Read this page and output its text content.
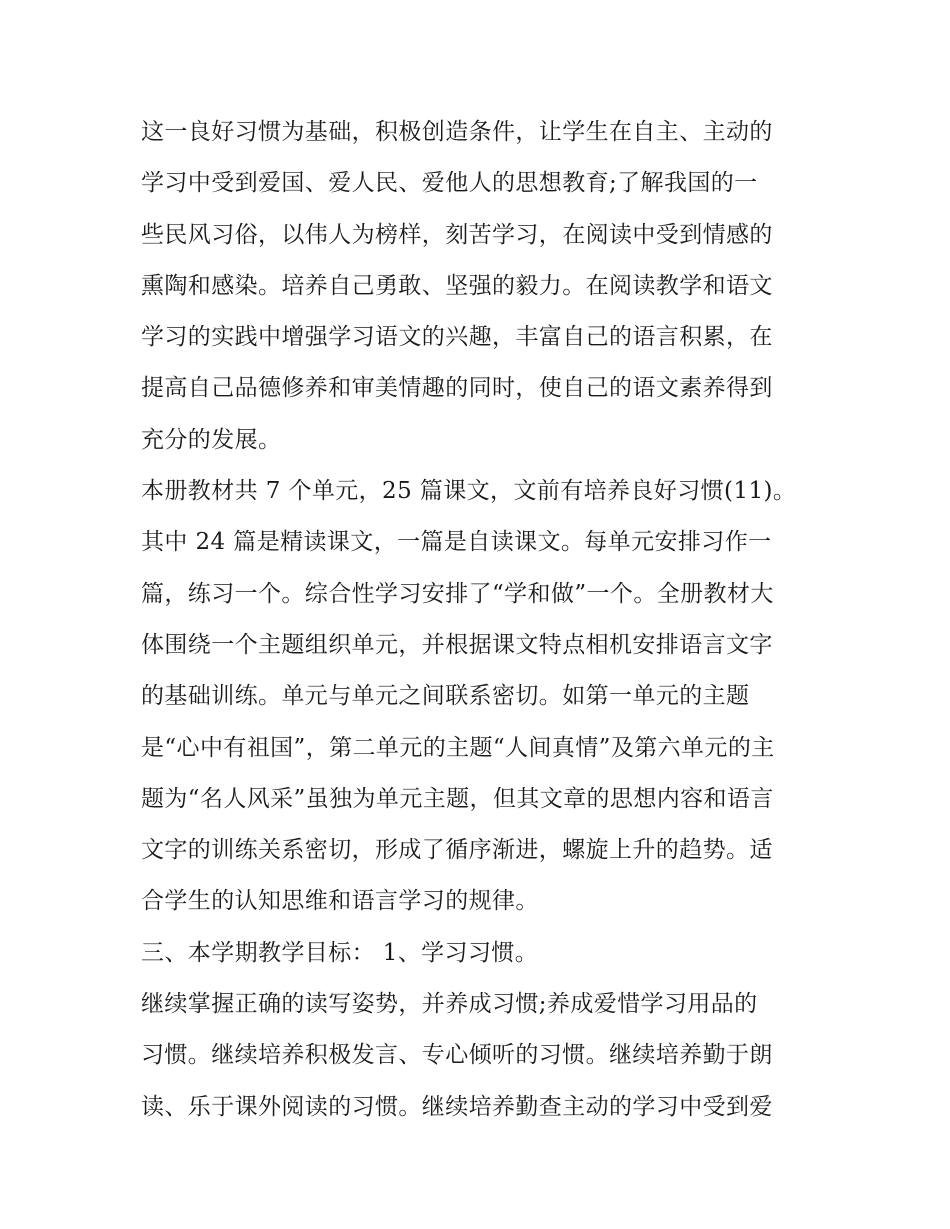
这一良好习惯为基础，积极创造条件，让学生在自主、主动的
学习中受到爱国、爱人民、爱他人的思想教育;了解我国的一
些民风习俗，以伟人为榜样，刻苦学习，在阅读中受到情感的
熏陶和感染。培养自己勇敢、坚强的毅力。在阅读教学和语文
学习的实践中增强学习语文的兴趣，丰富自己的语言积累，在
提高自己品德修养和审美情趣的同时，使自己的语文素养得到
充分的发展。
本册教材共 7 个单元，25 篇课文，文前有培养良好习惯(11)。
其中 24 篇是精读课文，一篇是自读课文。每单元安排习作一
篇，练习一个。综合性学习安排了“学和做”一个。全册教材大
体围绕一个主题组织单元，并根据课文特点相机安排语言文字
的基础训练。单元与单元之间联系密切。如第一单元的主题
是“心中有祖国”，第二单元的主题“人间真情”及第六单元的主
题为“名人风采”虽独为单元主题，但其文章的思想内容和语言
文字的训练关系密切，形成了循序渐进，螺旋上升的趋势。适
合学生的认知思维和语言学习的规律。
三、本学期教学目标： 1、学习习惯。
继续掌握正确的读写姿势，并养成习惯;养成爱惜学习用品的
习惯。继续培养积极发言、专心倾听的习惯。继续培养勤于朗
读、乐于课外阅读的习惯。继续培养勤查主动的学习中受到爱
